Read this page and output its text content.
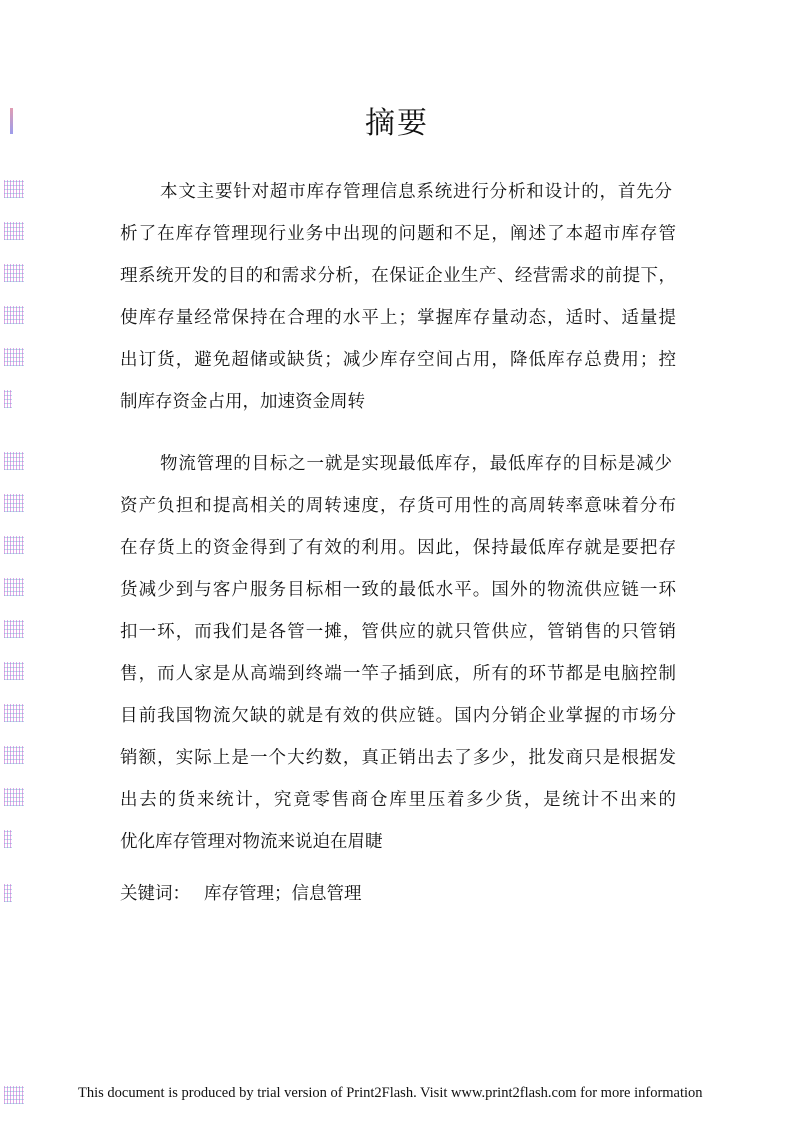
摘要
本文主要针对超市库存管理信息系统进行分析和设计的，首先分
析了在库存管理现行业务中出现的问题和不足，阐述了本超市库存管
理系统开发的目的和需求分析，在保证企业生产、经营需求的前提下，
使库存量经常保持在合理的水平上；掌握库存量动态，适时、适量提
出订货，避免超储或缺货；减少库存空间占用，降低库存总费用；控
制库存资金占用，加速资金周转
物流管理的目标之一就是实现最低库存，最低库存的目标是减少
资产负担和提高相关的周转速度，存货可用性的高周转率意味着分布
在存货上的资金得到了有效的利用。因此，保持最低库存就是要把存
货减少到与客户服务目标相一致的最低水平。国外的物流供应链一环
扣一环，而我们是各管一摊，管供应的就只管供应，管销售的只管销
售，而人家是从高端到终端一竿子插到底，所有的环节都是电脑控制
目前我国物流欠缺的就是有效的供应链。国内分销企业掌握的市场分
销额，实际上是一个大约数，真正销出去了多少，批发商只是根据发
出去的货来统计，究竟零售商仓库里压着多少货，是统计不出来的
优化库存管理对物流来说迫在眉睫
关键词： 库存管理；信息管理
This document is produced by trial version of Print2Flash. Visit www.print2flash.com for more information
